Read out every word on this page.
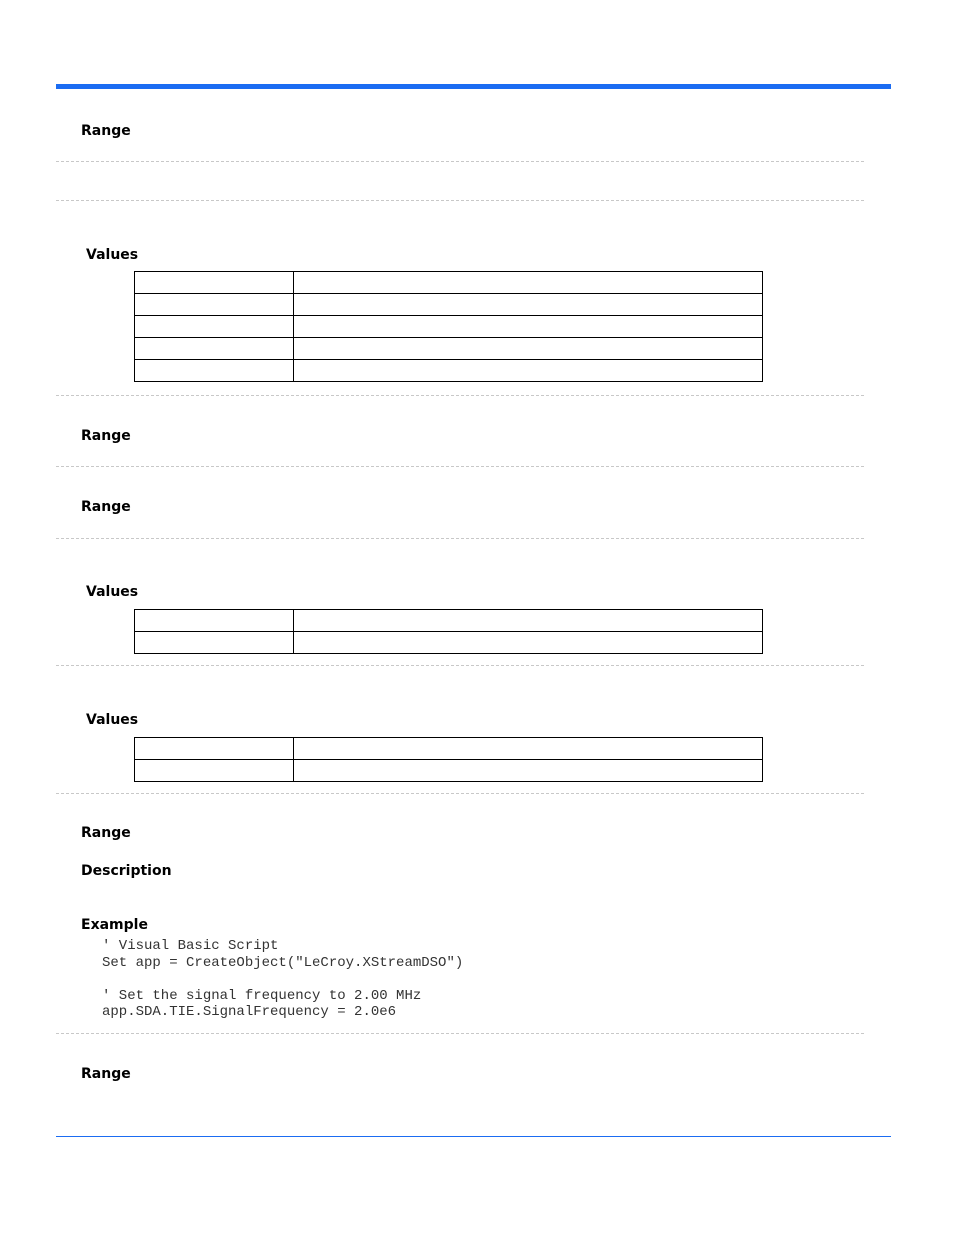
Range
Values

Range
Range
Values

Values

Range
Description
Example
' Visual Basic Script
Set app = CreateObject("LeCroy.XStreamDSO")
' Set the signal frequency to 2.00 MHz
app.SDA.TIE.SignalFrequency = 2.0e6
Range
